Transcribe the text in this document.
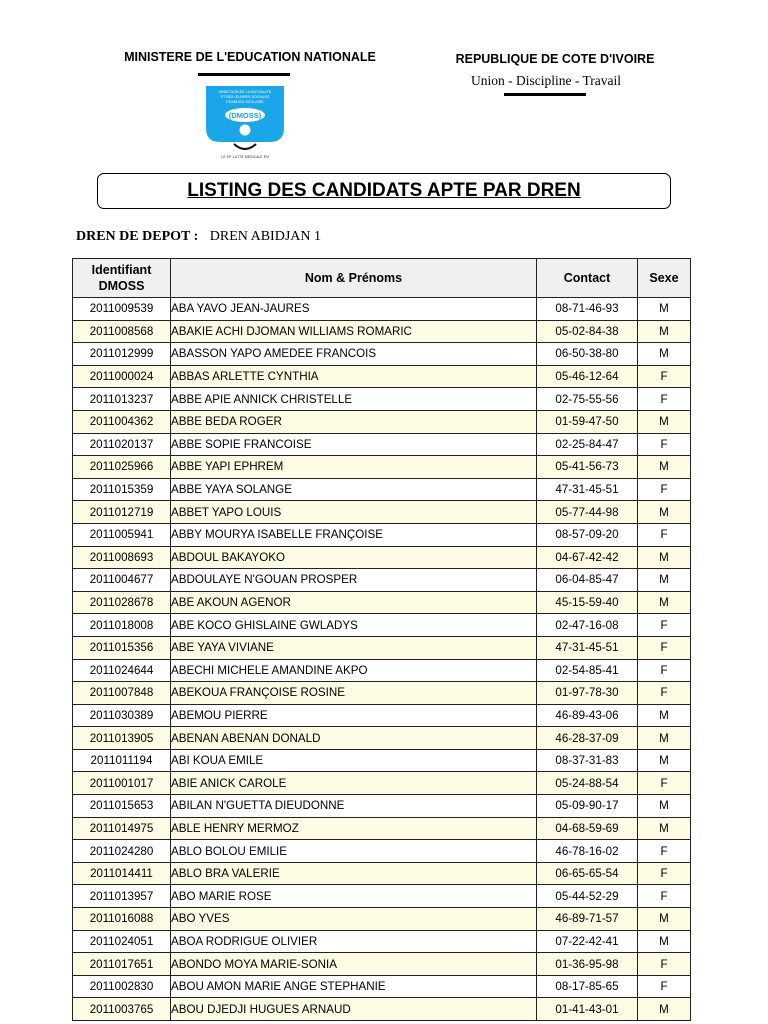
MINISTERE DE L'EDUCATION NATIONALE
DIRECTION DE LA MUTUALITE
ET DES ŒUVRES SOCIALES
EN MILIEU SCOLAIRE
(DMOSS)
LE SP. LUTTE MEDICALE EN
REPUBLIQUE DE COTE D'IVOIRE
Union - Discipline - Travail
LISTING DES CANDIDATS APTE PAR DREN
DREN DE DEPOT : DREN ABIDJAN 1
Identifiant DMOSS	Nom & Prénoms	Contact	Sexe
2011009539	ABA YAVO JEAN-JAURES	08-71-46-93	M
2011008568	ABAKIE ACHI DJOMAN WILLIAMS ROMARIC	05-02-84-38	M
2011012999	ABASSON YAPO AMEDEE FRANCOIS	06-50-38-80	M
2011000024	ABBAS ARLETTE CYNTHIA	05-46-12-64	F
2011013237	ABBE APIE ANNICK CHRISTELLE	02-75-55-56	F
2011004362	ABBE BEDA ROGER	01-59-47-50	M
2011020137	ABBE SOPIE FRANCOISE	02-25-84-47	F
2011025966	ABBE YAPI EPHREM	05-41-56-73	M
2011015359	ABBE YAYA SOLANGE	47-31-45-51	F
2011012719	ABBET YAPO LOUIS	05-77-44-98	M
2011005941	ABBY MOURYA ISABELLE FRANÇOISE	08-57-09-20	F
2011008693	ABDOUL BAKAYOKO	04-67-42-42	M
2011004677	ABDOULAYE N'GOUAN PROSPER	06-04-85-47	M
2011028678	ABE AKOUN AGENOR	45-15-59-40	M
2011018008	ABE KOCO GHISLAINE GWLADYS	02-47-16-08	F
2011015356	ABE YAYA VIVIANE	47-31-45-51	F
2011024644	ABECHI MICHELE AMANDINE AKPO	02-54-85-41	F
2011007848	ABEKOUA FRANÇOISE ROSINE	01-97-78-30	F
2011030389	ABEMOU PIERRE	46-89-43-06	M
2011013905	ABENAN ABENAN DONALD	46-28-37-09	M
2011011194	ABI KOUA EMILE	08-37-31-83	M
2011001017	ABIE ANICK CAROLE	05-24-88-54	F
2011015653	ABILAN N'GUETTA DIEUDONNE	05-09-90-17	M
2011014975	ABLE HENRY MERMOZ	04-68-59-69	M
2011024280	ABLO BOLOU EMILIE	46-78-16-02	F
2011014411	ABLO BRA VALERIE	06-65-65-54	F
2011013957	ABO MARIE ROSE	05-44-52-29	F
2011016088	ABO YVES	46-89-71-57	M
2011024051	ABOA RODRIGUE OLIVIER	07-22-42-41	M
2011017651	ABONDO MOYA MARIE-SONIA	01-36-95-98	F
2011002830	ABOU AMON MARIE ANGE STEPHANIE	08-17-85-65	F
2011003765	ABOU DJEDJI HUGUES ARNAUD	01-41-43-01	M
